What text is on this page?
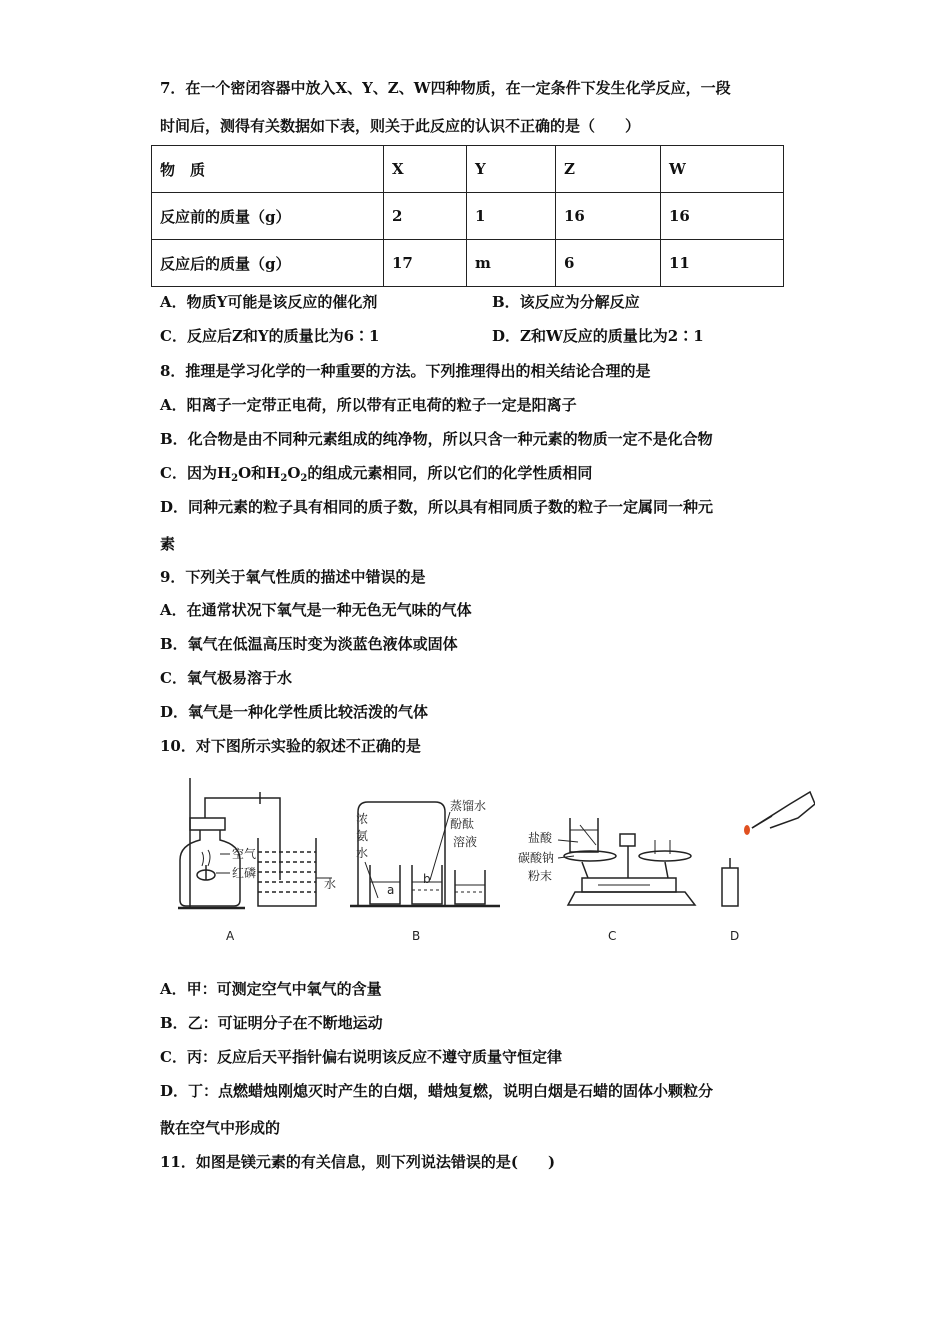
7．在一个密闭容器中放入X、Y、Z、W四种物质，在一定条件下发生化学反应，一段
时间后，测得有关数据如下表，则关于此反应的认识不正确的是（　　）
物　质	X	Y	Z	W
反应前的质量（g）	2	1	16	16
反应后的质量（g）	17	m	6	11
A．物质Y可能是该反应的催化剂	B．该反应为分解反应
C．反应后Z和Y的质量比为6∶1	D．Z和W反应的质量比为2∶1
8．推理是学习化学的一种重要的方法。下列推理得出的相关结论合理的是
A．阳离子一定带正电荷，所以带有正电荷的粒子一定是阳离子
B．化合物是由不同种元素组成的纯净物，所以只含一种元素的物质一定不是化合物
C．因为$H_2O$和$H_2O_2$的组成元素相同，所以它们的化学性质相同
D．同种元素的粒子具有相同的质子数，所以具有相同质子数的粒子一定属同一种元
素
9．下列关于氧气性质的描述中错误的是
A．在通常状况下氧气是一种无色无气味的气体
B．氧气在低温高压时变为淡蓝色液体或固体
C．氧气极易溶于水
D．氧气是一种化学性质比较活泼的气体
10．对下图所示实验的叙述不正确的是
空气
红磷
水
浓
氨
水
蒸馏水
酚酞
溶液
a
b
盐酸
碳酸钠
粉末
A	B	C	D
A．甲：可测定空气中氧气的含量
B．乙：可证明分子在不断地运动
C．丙：反应后天平指针偏右说明该反应不遵守质量守恒定律
D．丁：点燃蜡烛刚熄灭时产生的白烟，蜡烛复燃，说明白烟是石蜡的固体小颗粒分
散在空气中形成的
11．如图是镁元素的有关信息，则下列说法错误的是(　　)
